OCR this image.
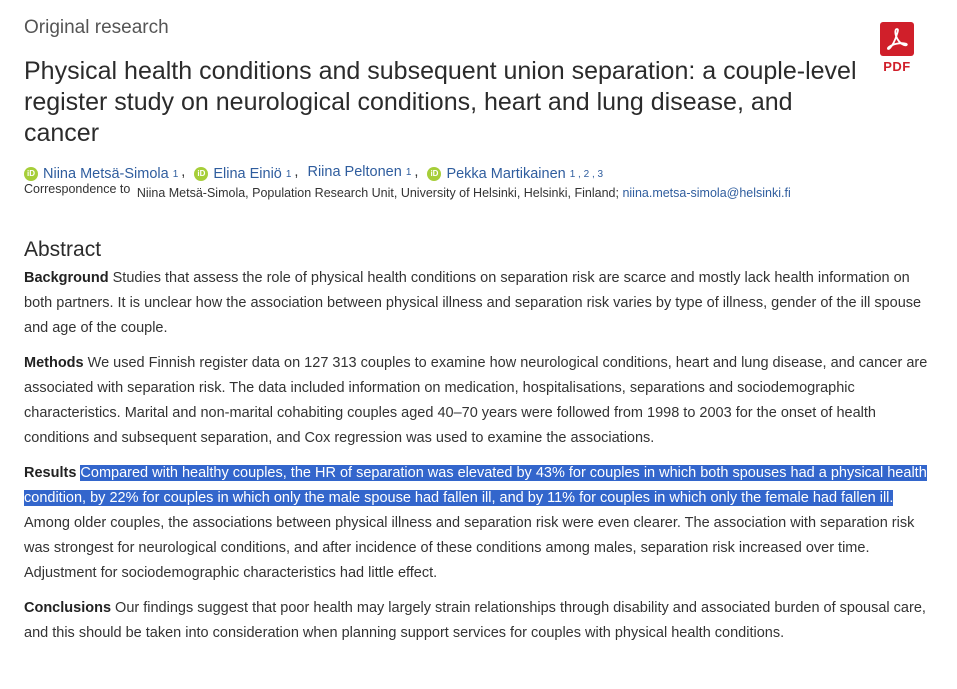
Original research
Physical health conditions and subsequent union separation: a couple-level register study on neurological conditions, heart and lung disease, and cancer
PDF
iD Niina Metsä-Simola 1 ,	iD Elina Einiö 1 , Riina Peltonen 1 ,	iD Pekka Martikainen 1 , 2 , 3
Correspondence to Niina Metsä-Simola, Population Research Unit, University of Helsinki, Helsinki, Finland; niina.metsa-simola@helsinki.fi
Abstract

Background Studies that assess the role of physical health conditions on separation risk are scarce and mostly lack health information on both partners. It is unclear how the association between physical illness and separation risk varies by type of illness, gender of the ill spouse and age of the couple.

Methods We used Finnish register data on 127 313 couples to examine how neurological conditions, heart and lung disease, and cancer are associated with separation risk. The data included information on medication, hospitalisations, separations and sociodemographic characteristics. Marital and non-marital cohabiting couples aged 40–70 years were followed from 1998 to 2003 for the onset of health conditions and subsequent separation, and Cox regression was used to examine the associations.

Results Compared with healthy couples, the HR of separation was elevated by 43% for couples in which both spouses had a physical health condition, by 22% for couples in which only the male spouse had fallen ill, and by 11% for couples in which only the female had fallen ill. Among older couples, the associations between physical illness and separation risk were even clearer. The association with separation risk was strongest for neurological conditions, and after incidence of these conditions among males, separation risk increased over time. Adjustment for sociodemographic characteristics had little effect.

Conclusions Our findings suggest that poor health may largely strain relationships through disability and associated burden of spousal care, and this should be taken into consideration when planning support services for couples with physical health conditions.
